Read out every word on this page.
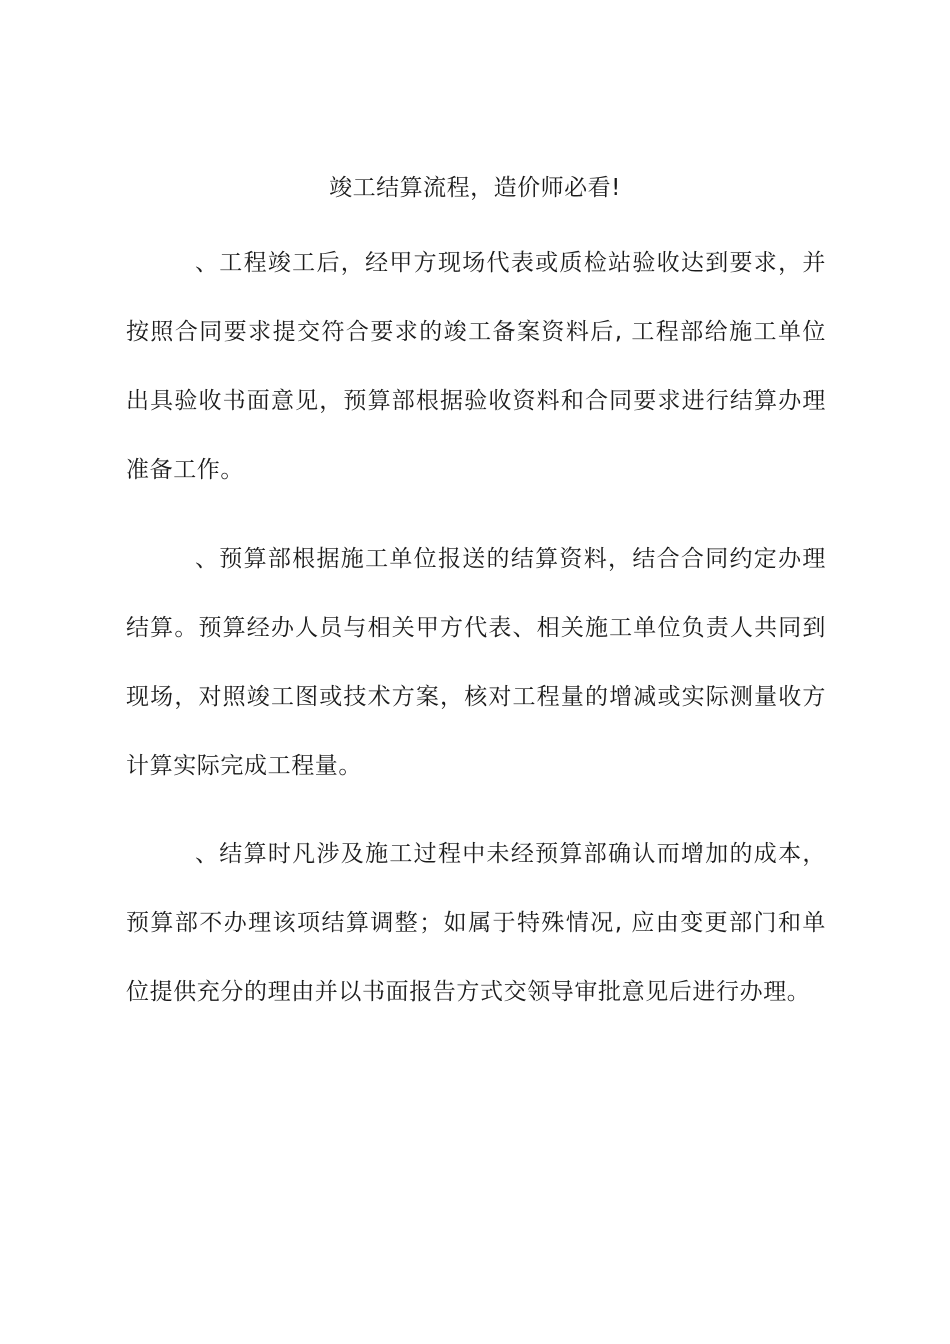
竣工结算流程，造价师必看!

、工程竣工后，经甲方现场代表或质检站验收达到要求，并按照合同要求提交符合要求的竣工备案资料后, 工程部给施工单位出具验收书面意见，预算部根据验收资料和合同要求进行结算办理准备工作。

、预算部根据施工单位报送的结算资料，结合合同约定办理结算。预算经办人员与相关甲方代表、相关施工单位负责人共同到现场，对照竣工图或技术方案，核对工程量的增减或实际测量收方计算实际完成工程量。

、结算时凡涉及施工过程中未经预算部确认而增加的成本，预算部不办理该项结算调整；如属于特殊情况, 应由变更部门和单位提供充分的理由并以书面报告方式交领导审批意见后进行办理。
